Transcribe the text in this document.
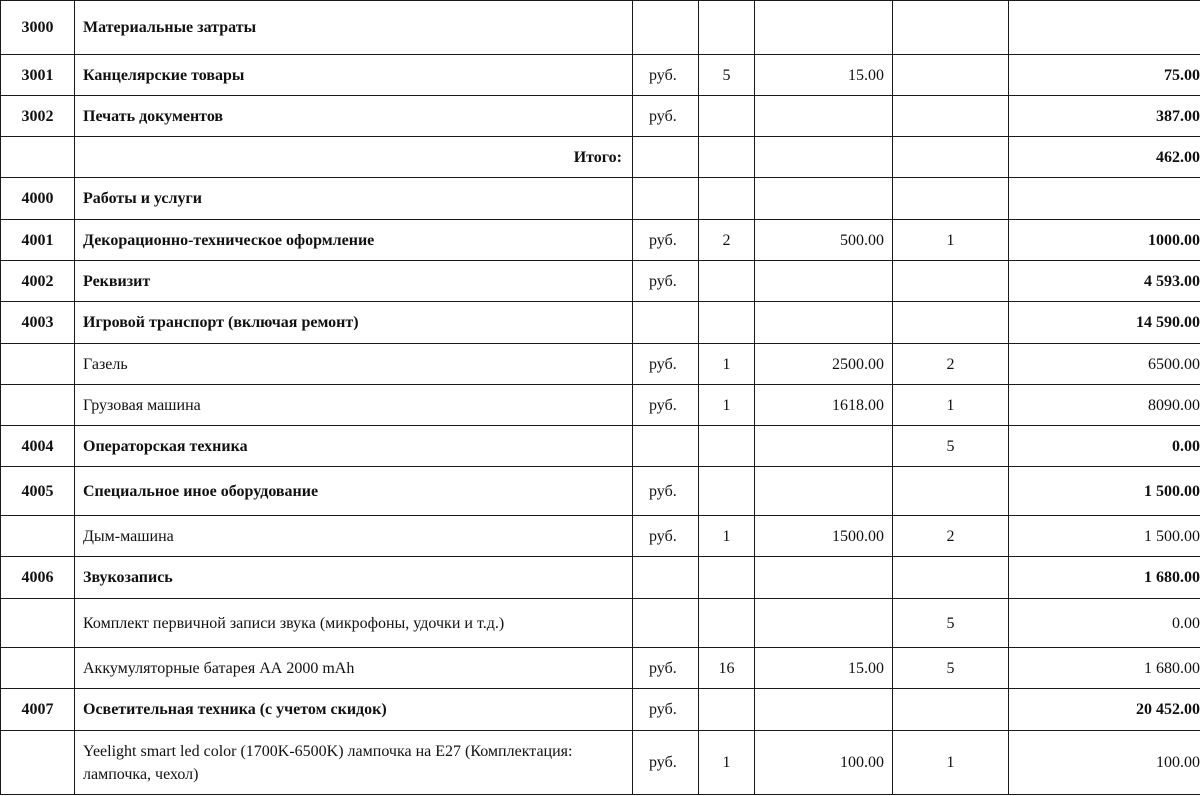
3000	Материальные затраты					
3001	Канцелярские товары	руб.	5	15.00		75.00
3002	Печать документов	руб.				387.00
	Итого:					462.00
4000	Работы и услуги					
4001	Декорационно-техническое оформление	руб.	2	500.00	1	1000.00
4002	Реквизит	руб.				4 593.00
4003	Игровой транспорт (включая ремонт)					14 590.00
	Газель	руб.	1	2500.00	2	6500.00
	Грузовая машина	руб.	1	1618.00	1	8090.00
4004	Операторская техника				5	0.00
4005	Специальное иное оборудование	руб.				1 500.00
	Дым-машина	руб.	1	1500.00	2	1 500.00
4006	Звукозапись					1 680.00
	Комплект первичной записи звука (микрофоны, удочки и т.д.)				5	0.00
	Аккумуляторные батарея АА 2000 mAh	руб.	16	15.00	5	1 680.00
4007	Осветительная техника (с учетом скидок)	руб.				20 452.00
	Yeelight smart led color (1700K-6500K) лампочка на E27 (Комплектация: лампочка, чехол)	руб.	1	100.00	1	100.00
